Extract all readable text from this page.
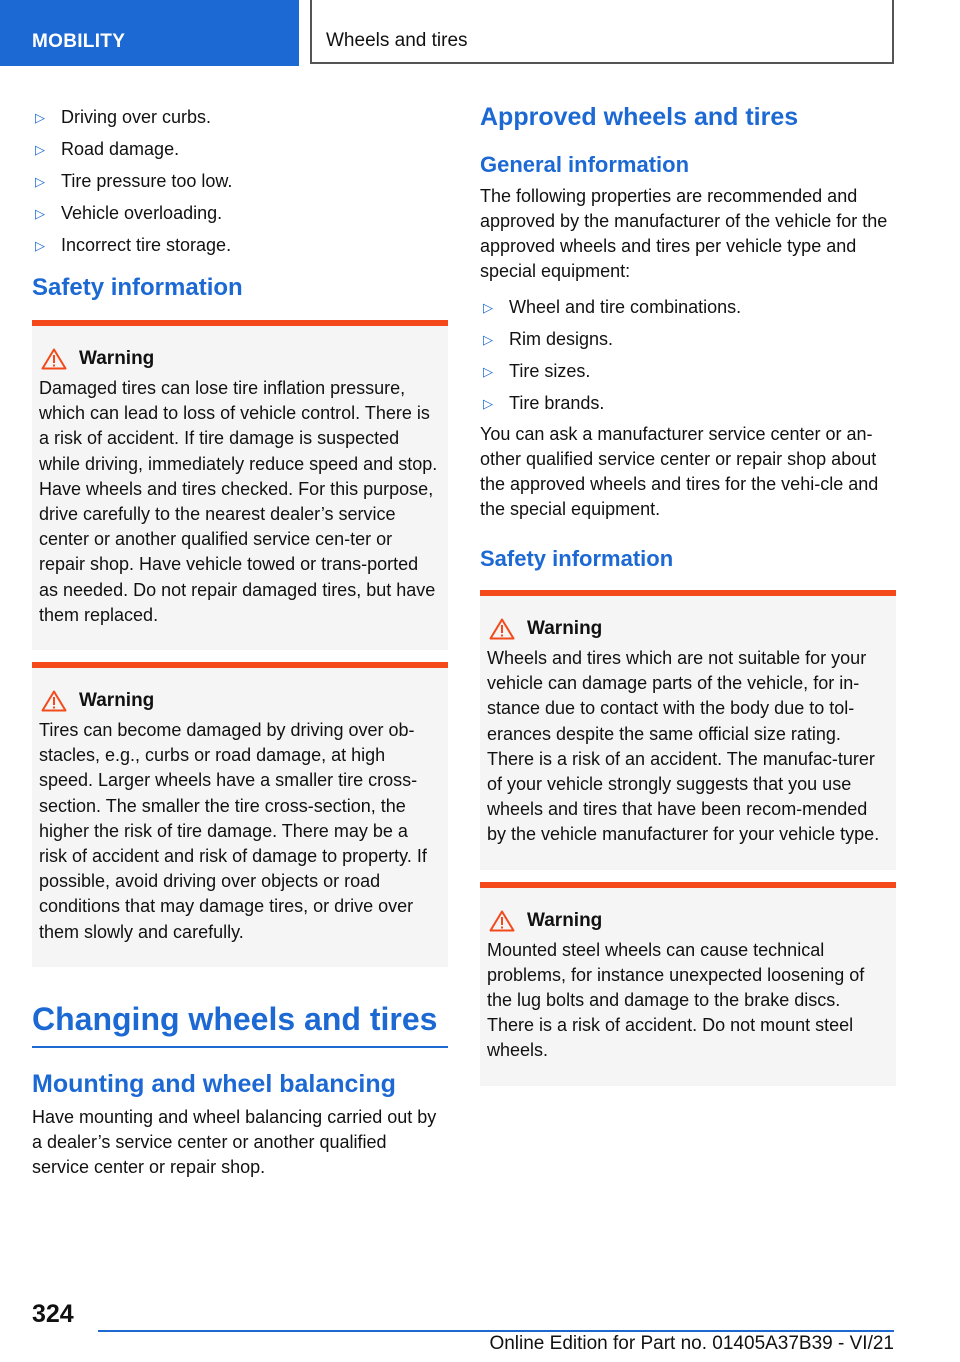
MOBILITY	Wheels and tires
▷ Driving over curbs.
▷ Road damage.
▷ Tire pressure too low.
▷ Vehicle overloading.
▷ Incorrect tire storage.
Safety information
Warning

Damaged tires can lose tire inflation pressure, which can lead to loss of vehicle control. There is a risk of accident. If tire damage is suspected while driving, immediately reduce speed and stop. Have wheels and tires checked. For this purpose, drive carefully to the nearest dealer’s service center or another qualified service cen-ter or repair shop. Have vehicle towed or trans-ported as needed. Do not repair damaged tires, but have them replaced.

Warning

Tires can become damaged by driving over ob-stacles, e.g., curbs or road damage, at high speed. Larger wheels have a smaller tire cross-section. The smaller the tire cross-section, the higher the risk of tire damage. There may be a risk of accident and risk of damage to property. If possible, avoid driving over objects or road conditions that may damage tires, or drive over them slowly and carefully.

Changing wheels and tires
Mounting and wheel balancing

Have mounting and wheel balancing carried out by a dealer’s service center or another qualified service center or repair shop.

Approved wheels and tires
General information

The following properties are recommended and approved by the manufacturer of the vehicle for the approved wheels and tires per vehicle type and special equipment:

▷ Wheel and tire combinations.
▷ Rim designs.
▷ Tire sizes.
▷ Tire brands.

You can ask a manufacturer service center or an-other qualified service center or repair shop about the approved wheels and tires for the vehi-cle and the special equipment.

Safety information
Warning

Wheels and tires which are not suitable for your vehicle can damage parts of the vehicle, for in-stance due to contact with the body due to tol-erances despite the same official size rating. There is a risk of an accident. The manufac-turer of your vehicle strongly suggests that you use wheels and tires that have been recom-mended by the vehicle manufacturer for your vehicle type.

Warning

Mounted steel wheels can cause technical problems, for instance unexpected loosening of the lug bolts and damage to the brake discs. There is a risk of accident. Do not mount steel wheels.

324
Online Edition for Part no. 01405A37B39 - VI/21
